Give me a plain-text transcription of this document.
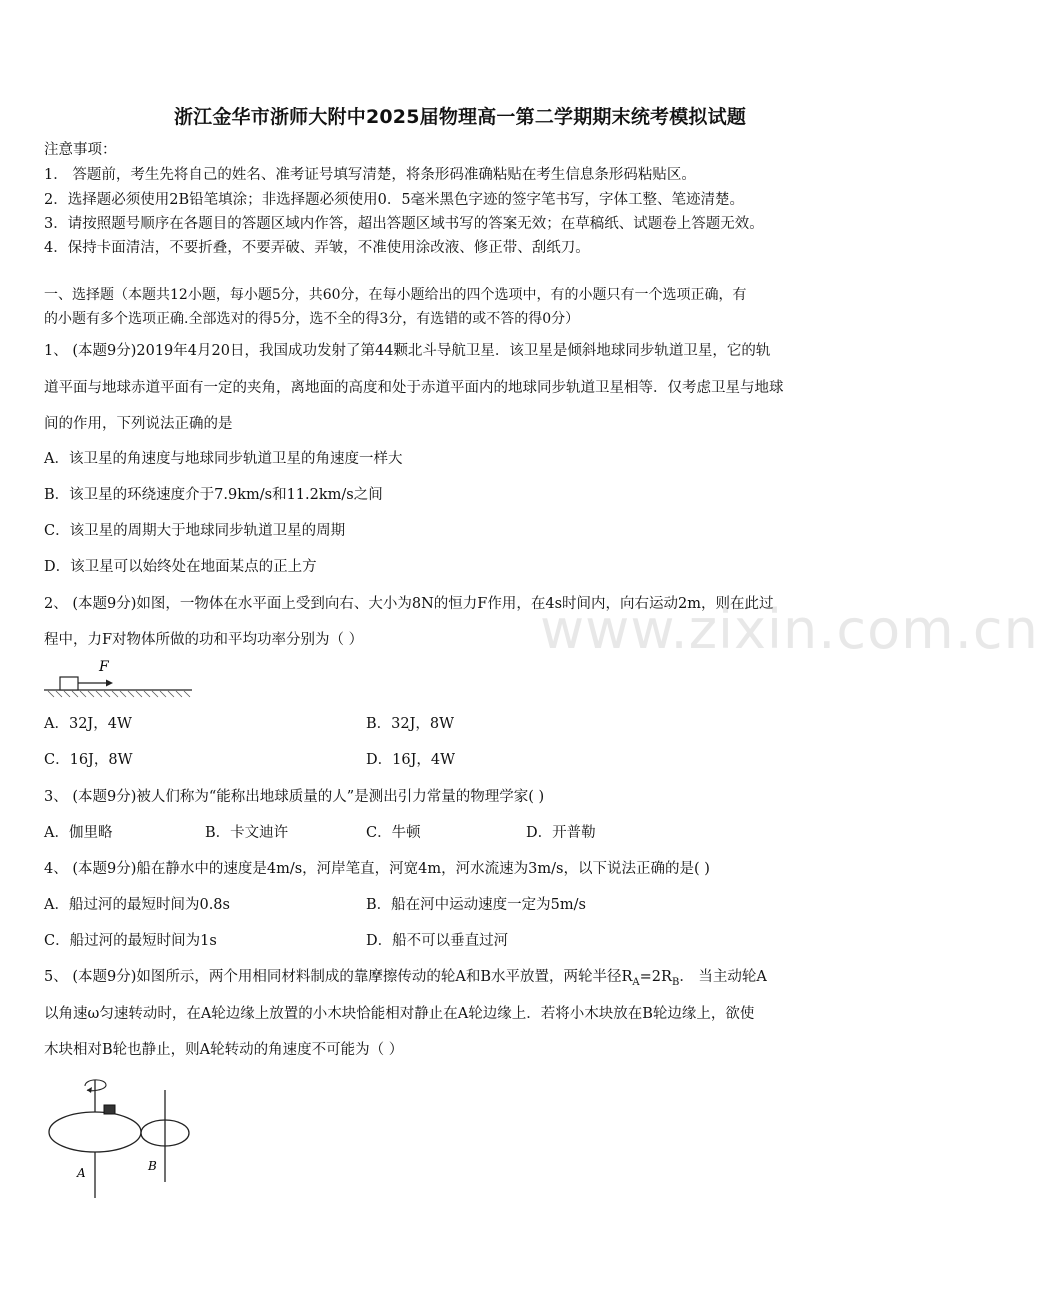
浙江金华市浙师大附中2025届物理高一第二学期期末统考模拟试题
注意事项：
1． 答题前，考生先将自己的姓名、准考证号填写清楚，将条形码准确粘贴在考生信息条形码粘贴区。
2．选择题必须使用2B铅笔填涂；非选择题必须使用0．5毫米黑色字迹的签字笔书写，字体工整、笔迹清楚。
3．请按照题号顺序在各题目的答题区域内作答，超出答题区域书写的答案无效；在草稿纸、试题卷上答题无效。
4．保持卡面清洁，不要折叠，不要弄破、弄皱，不准使用涂改液、修正带、刮纸刀。
一、选择题（本题共12小题，每小题5分，共60分，在每小题给出的四个选项中，有的小题只有一个选项正确，有
的小题有多个选项正确.全部选对的得5分，选不全的得3分，有选错的或不答的得0分）
1、 (本题9分)2019年4月20日，我国成功发射了第44颗北斗导航卫星．该卫星是倾斜地球同步轨道卫星，它的轨
道平面与地球赤道平面有一定的夹角，离地面的高度和处于赤道平面内的地球同步轨道卫星相等．仅考虑卫星与地球
间的作用，下列说法正确的是
A．该卫星的角速度与地球同步轨道卫星的角速度一样大
B．该卫星的环绕速度介于7.9km/s和11.2km/s之间
C．该卫星的周期大于地球同步轨道卫星的周期
D．该卫星可以始终处在地面某点的正上方
2、 (本题9分)如图，一物体在水平面上受到向右、大小为8N的恒力F作用，在4s时间内，向右运动2m，则在此过
程中，力F对物体所做的功和平均功率分别为（ ）
F
A．32J，4W	B．32J，8W
C．16J，8W	D．16J，4W
3、 (本题9分)被人们称为“能称出地球质量的人”是测出引力常量的物理学家( )
A．伽里略	B．卡文迪许	C．牛顿	D．开普勒
4、 (本题9分)船在静水中的速度是4m/s，河岸笔直，河宽4m，河水流速为3m/s，以下说法正确的是( )
A．船过河的最短时间为0.8s	B．船在河中运动速度一定为5m/s
C．船过河的最短时间为1s	D．船不可以垂直过河
5、 (本题9分)如图所示，两个用相同材料制成的靠摩擦传动的轮A和B水平放置，两轮半径$R_A=2R_B$． 当主动轮A
以角速ω匀速转动时，在A轮边缘上放置的小木块恰能相对静止在A轮边缘上．若将小木块放在B轮边缘上，欲使
木块相对B轮也静止，则A轮转动的角速度不可能为（ ）
A	B
www.zixin.com.cn
